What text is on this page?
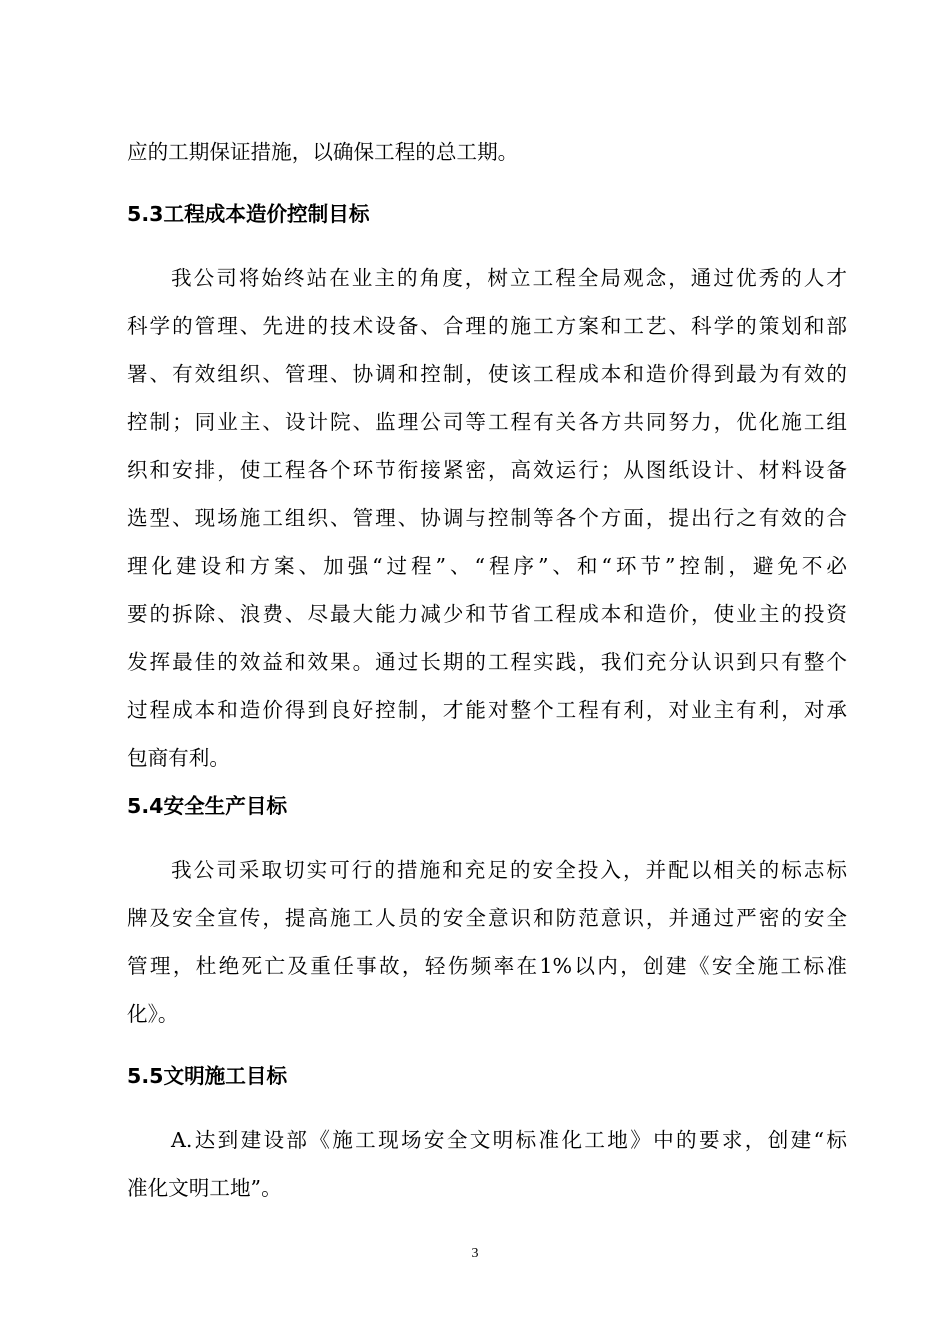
应的工期保证措施，以确保工程的总工期。
5.3工程成本造价控制目标
我公司将始终站在业主的角度，树立工程全局观念，通过优秀的人才
科学的管理、先进的技术设备、合理的施工方案和工艺、科学的策划和部
署、有效组织、管理、协调和控制，使该工程成本和造价得到最为有效的
控制；同业主、设计院、监理公司等工程有关各方共同努力，优化施工组
织和安排，使工程各个环节衔接紧密，高效运行；从图纸设计、材料设备
选型、现场施工组织、管理、协调与控制等各个方面，提出行之有效的合
理化建设和方案、加强“过程”、“程序”、和“环节”控制，避免不必
要的拆除、浪费、尽最大能力减少和节省工程成本和造价，使业主的投资
发挥最佳的效益和效果。通过长期的工程实践，我们充分认识到只有整个
过程成本和造价得到良好控制，才能对整个工程有利，对业主有利，对承
包商有利。
5.4安全生产目标
我公司采取切实可行的措施和充足的安全投入，并配以相关的标志标
牌及安全宣传，提高施工人员的安全意识和防范意识，并通过严密的安全
管理，杜绝死亡及重任事故，轻伤频率在1%以内，创建《安全施工标准
化》。
5.5文明施工目标
A.达到建设部《施工现场安全文明标准化工地》中的要求，创建“标
准化文明工地”。
3
